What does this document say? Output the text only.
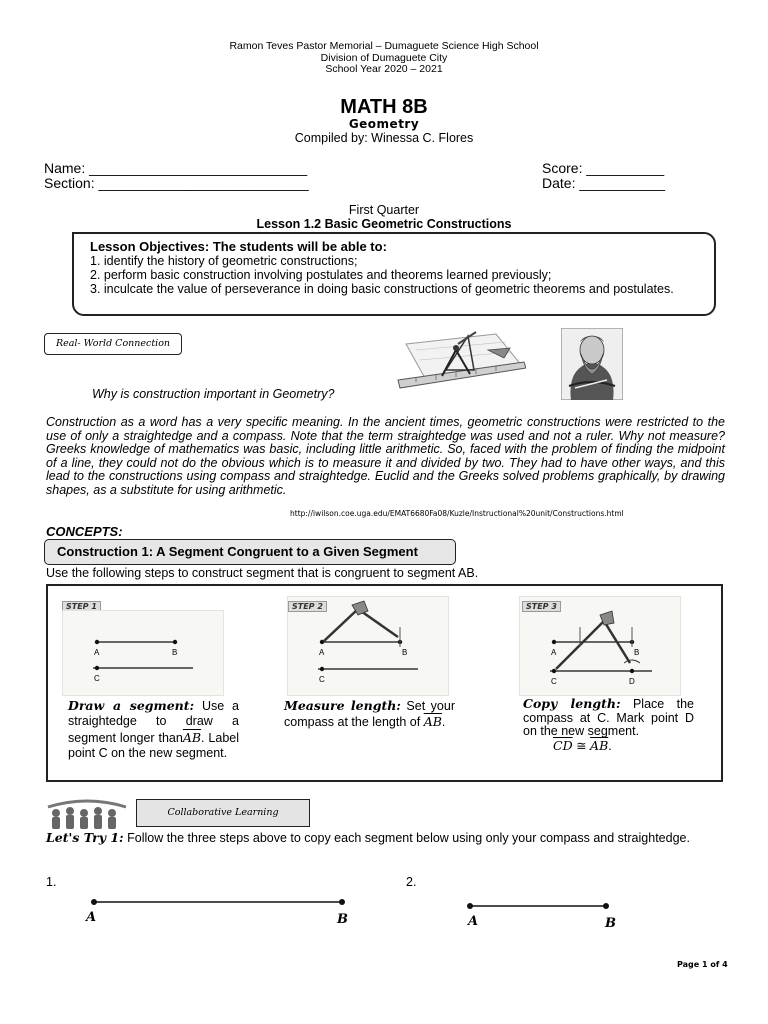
Ramon Teves Pastor Memorial – Dumaguete Science High School
Division of Dumaguete City
School Year 2020 – 2021
MATH 8B
Geometry
Compiled by: Winessa C. Flores
Name: ____________________________
Section: ___________________________
Score: __________
Date: ___________
First Quarter
Lesson 1.2 Basic Geometric Constructions
Lesson Objectives: The students will be able to:
1. identify the history of geometric constructions;
2. perform basic construction involving postulates and theorems learned previously;
3. inculcate the value of perseverance in doing basic constructions of geometric theorems and postulates.
Real- World Connection
Why is construction important in Geometry?
Construction as a word has a very specific meaning. In the ancient times, geometric constructions were restricted to the use of only a straightedge and a compass. Note that the term straightedge was used and not a ruler. Why not measure? Greeks knowledge of mathematics was basic, including little arithmetic. So, faced with the problem of finding the midpoint of a line, they could not do the obvious which is to measure it and divided by two. They had to have other ways, and this lead to the constructions using compass and straightedge. Euclid and the Greeks solved problems graphically, by drawing shapes, as a substitute for using arithmetic.
http://iwilson.coe.uga.edu/EMAT6680Fa08/Kuzle/Instructional%20unit/Constructions.html
CONCEPTS:
Construction 1: A Segment Congruent to a Given Segment
Use the following steps to construct segment that is congruent to segment AB.
STEP 1
A	B
C
Draw a segment: Use a straightedge to draw a segment longer $than\overline{AB}$. Label point C on the new segment.
A	B
C
STEP 2
Measure length: Set your compass at the length of $\overline{AB}$.
A	B
C	D
STEP 3
Copy length: Place the compass at C. Mark point D on the new segment.
$\overline{CD}$ ≅ $\overline{AB}$.
Collaborative Learning
Let's Try 1: Follow the three steps above to copy each segment below using only your compass and straightedge.
1.
A	B
2.
A	B
Page 1 of 4
